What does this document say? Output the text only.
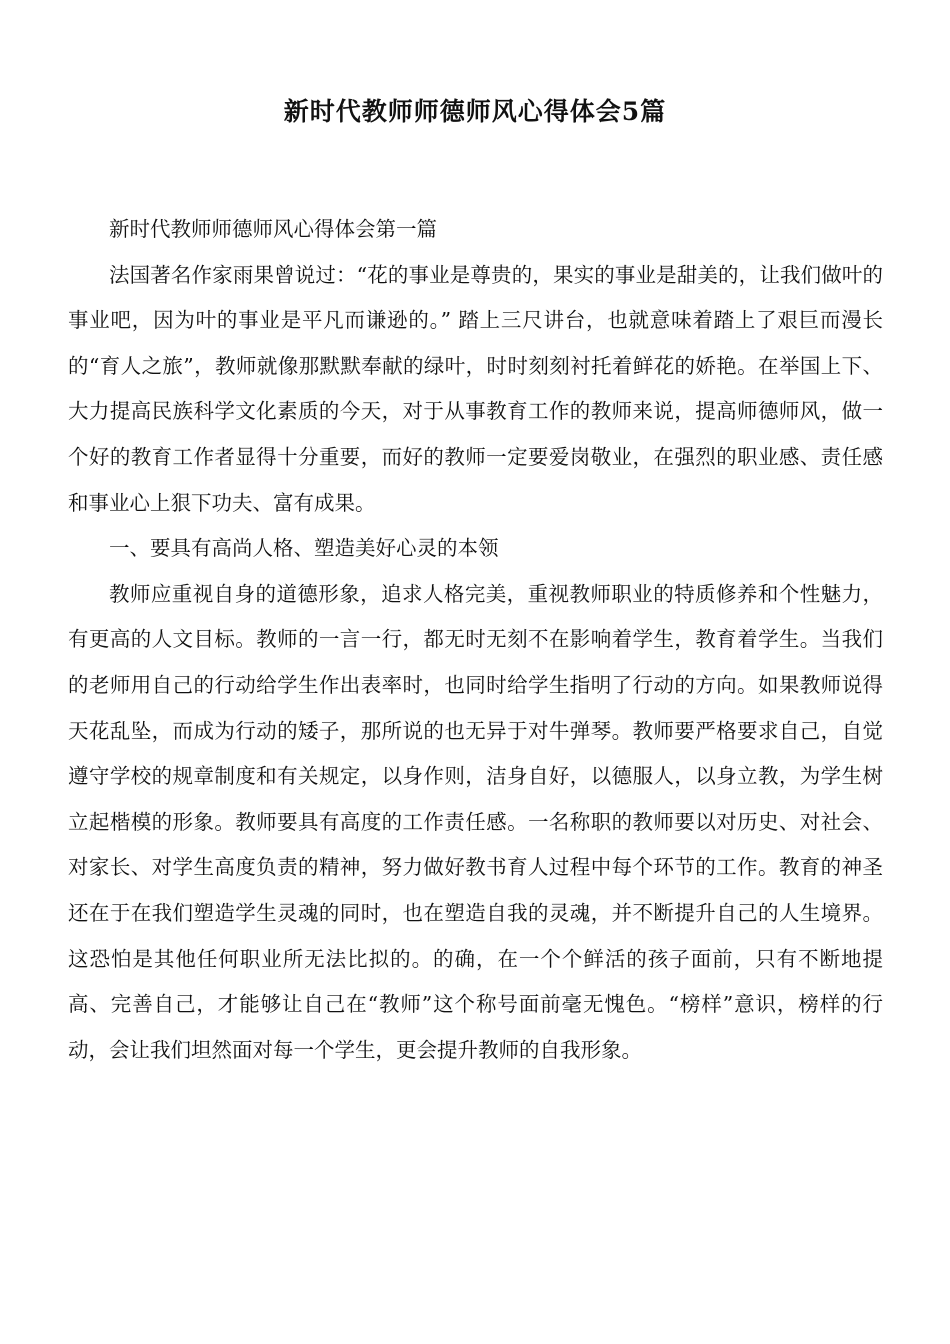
新时代教师师德师风心得体会5篇

新时代教师师德师风心得体会第一篇

法国著名作家雨果曾说过：“花的事业是尊贵的，果实的事业是甜美的，让我们做叶的事业吧，因为叶的事业是平凡而谦逊的。” 踏上三尺讲台，也就意味着踏上了艰巨而漫长的“育人之旅”，教师就像那默默奉献的绿叶，时时刻刻衬托着鲜花的娇艳。在举国上下、大力提高民族科学文化素质的今天，对于从事教育工作的教师来说，提高师德师风，做一个好的教育工作者显得十分重要，而好的教师一定要爱岗敬业，在强烈的职业感、责任感和事业心上狠下功夫、富有成果。

一、要具有高尚人格、塑造美好心灵的本领

教师应重视自身的道德形象，追求人格完美，重视教师职业的特质修养和个性魅力，有更高的人文目标。教师的一言一行，都无时无刻不在影响着学生，教育着学生。当我们的老师用自己的行动给学生作出表率时，也同时给学生指明了行动的方向。如果教师说得天花乱坠，而成为行动的矮子，那所说的也无异于对牛弹琴。教师要严格要求自己，自觉遵守学校的规章制度和有关规定，以身作则，洁身自好，以德服人，以身立教，为学生树立起楷模的形象。教师要具有高度的工作责任感。一名称职的教师要以对历史、对社会、对家长、对学生高度负责的精神，努力做好教书育人过程中每个环节的工作。教育的神圣还在于在我们塑造学生灵魂的同时，也在塑造自我的灵魂，并不断提升自己的人生境界。这恐怕是其他任何职业所无法比拟的。的确，在一个个鲜活的孩子面前，只有不断地提高、完善自己，才能够让自己在“教师”这个称号面前毫无愧色。“榜样”意识，榜样的行动，会让我们坦然面对每一个学生，更会提升教师的自我形象。
